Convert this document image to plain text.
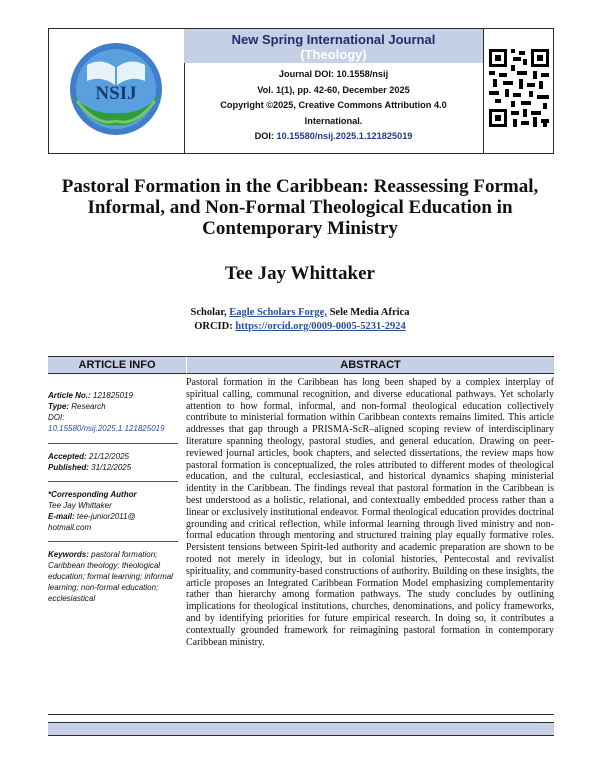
NSIJ
New Spring International Journal
(Theology)
Journal DOI: 10.1558/nsij
Vol. 1(1), pp. 42-60, December 2025
Copyright ©2025, Creative Commons Attribution 4.0
International.
DOI: 10.15580/nsij.2025.1.121825019
Pastoral Formation in the Caribbean: Reassessing Formal, Informal, and Non-Formal Theological Education in Contemporary Ministry
Tee Jay Whittaker
Scholar, Eagle Scholars Forge, Sele Media Africa
ORCID: https://orcid.org/0009-0005-5231-2924
ARTICLE INFO	ABSTRACT
Article No.: 121825019
Type: Research
DOI: 10.15580/nsij.2025.1.121825019
Accepted: 21/12/2025
Published: 31/12/2025
*Corresponding Author
Tee Jay Whittaker
E-mail: tee-junior2011@ hotmail.com
Keywords: pastoral formation; Caribbean theology; theological education; formal learning; informal learning; non-formal education; ecclesiastical

Pastoral formation in the Caribbean has long been shaped by a complex interplay of spiritual calling, communal recognition, and diverse educational pathways. Yet scholarly attention to how formal, informal, and non-formal theological education collectively contribute to ministerial formation within Caribbean contexts remains limited. This article addresses that gap through a PRISMA-ScR–aligned scoping review of interdisciplinary literature spanning theology, pastoral studies, and general education. Drawing on peer-reviewed journal articles, book chapters, and selected dissertations, the review maps how pastoral formation is conceptualized, the roles attributed to different modes of theological education, and the cultural, ecclesiastical, and historical dynamics shaping ministerial identity in the Caribbean. The findings reveal that pastoral formation in the Caribbean is best understood as a holistic, relational, and contextually embedded process rather than a linear or exclusively institutional endeavor. Formal theological education provides doctrinal grounding and critical reflection, while informal learning through lived ministry and non-formal education through mentoring and structured training play equally formative roles. Persistent tensions between Spirit-led authority and academic preparation are shown to be rooted not merely in ideology, but in colonial histories, Pentecostal and revivalist spirituality, and community-based constructions of authority. Building on these insights, the article proposes an Integrated Caribbean Formation Model emphasizing complementarity rather than hierarchy among formation pathways. The study concludes by outlining implications for theological institutions, churches, denominations, and policy frameworks, and by identifying priorities for future empirical research. In doing so, it contributes a contextually grounded framework for reimagining pastoral formation in contemporary Caribbean ministry.
